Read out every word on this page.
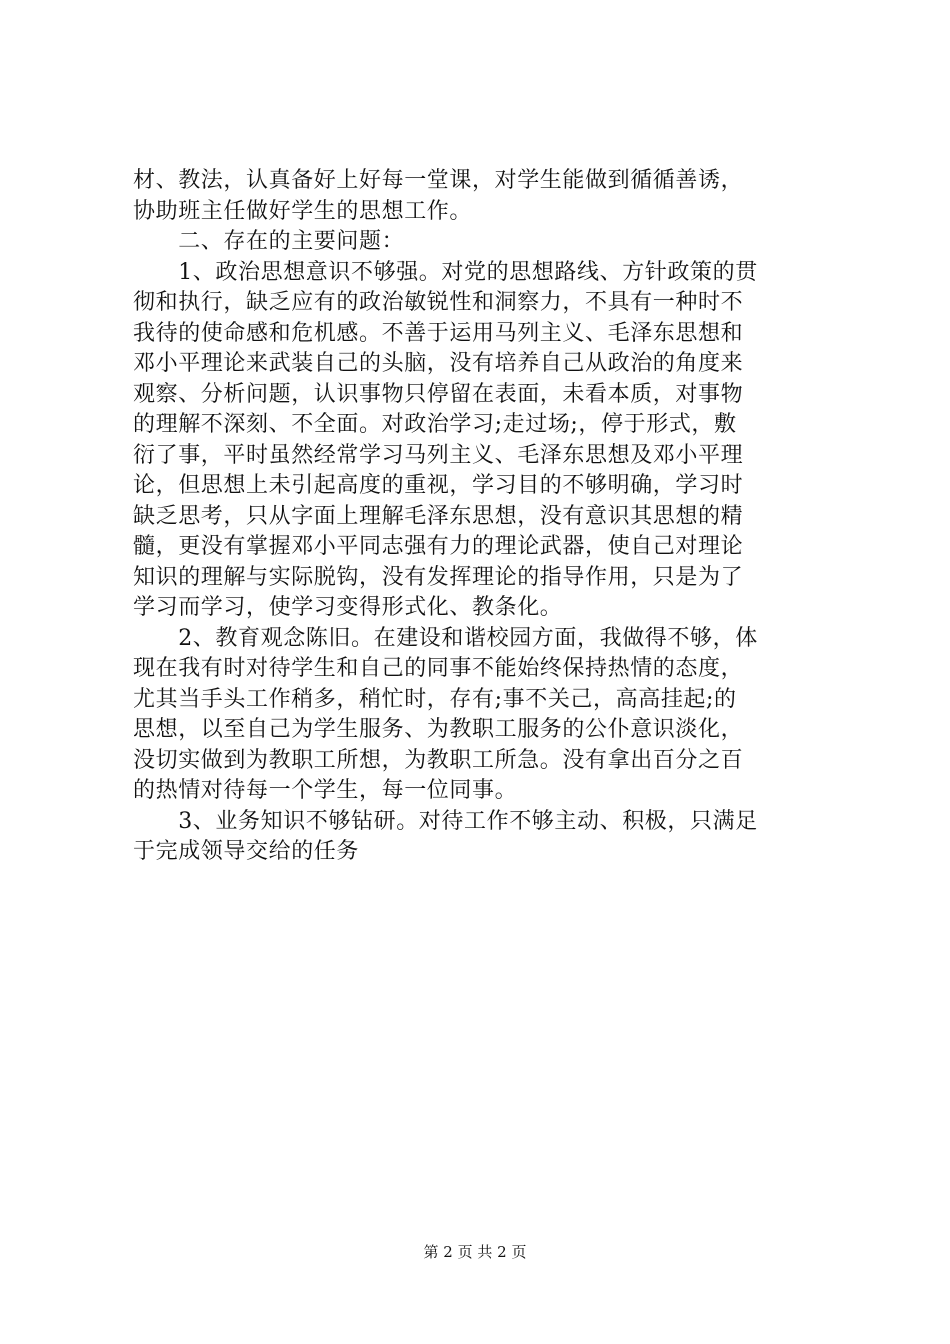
材、教法，认真备好上好每一堂课，对学生能做到循循善诱，
协助班主任做好学生的思想工作。
　　二、存在的主要问题：
　　1、政治思想意识不够强。对党的思想路线、方针政策的贯
彻和执行，缺乏应有的政治敏锐性和洞察力，不具有一种时不
我待的使命感和危机感。不善于运用马列主义、毛泽东思想和
邓小平理论来武装自己的头脑，没有培养自己从政治的角度来
观察、分析问题，认识事物只停留在表面，未看本质，对事物
的理解不深刻、不全面。对政治学习;走过场;，停于形式，敷
衍了事，平时虽然经常学习马列主义、毛泽东思想及邓小平理
论，但思想上未引起高度的重视，学习目的不够明确，学习时
缺乏思考，只从字面上理解毛泽东思想，没有意识其思想的精
髓，更没有掌握邓小平同志强有力的理论武器，使自己对理论
知识的理解与实际脱钩，没有发挥理论的指导作用，只是为了
学习而学习，使学习变得形式化、教条化。
　　2、教育观念陈旧。在建设和谐校园方面，我做得不够，体
现在我有时对待学生和自己的同事不能始终保持热情的态度，
尤其当手头工作稍多，稍忙时，存有;事不关己，高高挂起;的
思想，以至自己为学生服务、为教职工服务的公仆意识淡化，
没切实做到为教职工所想，为教职工所急。没有拿出百分之百
的热情对待每一个学生，每一位同事。
　　3、业务知识不够钻研。对待工作不够主动、积极，只满足
于完成领导交给的任务
第 2 页 共 2 页
